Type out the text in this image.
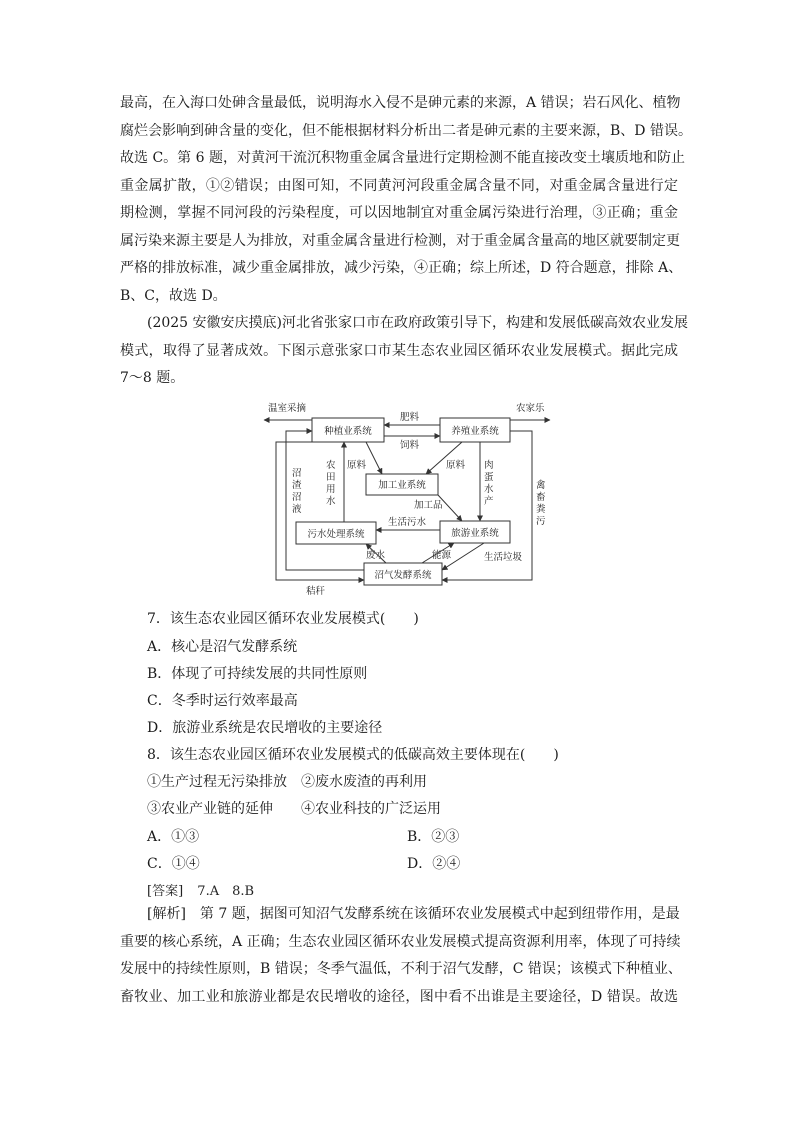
最高，在入海口处砷含量最低，说明海水入侵不是砷元素的来源，A 错误；岩石风化、植物
腐烂会影响到砷含量的变化，但不能根据材料分析出二者是砷元素的主要来源，B、D 错误。
故选 C。第 6 题，对黄河干流沉积物重金属含量进行定期检测不能直接改变土壤质地和防止
重金属扩散，①②错误；由图可知，不同黄河河段重金属含量不同，对重金属含量进行定
期检测，掌握不同河段的污染程度，可以因地制宜对重金属污染进行治理，③正确；重金
属污染来源主要是人为排放，对重金属含量进行检测，对于重金属含量高的地区就要制定更
严格的排放标准，减少重金属排放，减少污染，④正确；综上所述，D 符合题意，排除 A、
B、C，故选 D。
(2025 安徽安庆摸底)河北省张家口市在政府政策引导下，构建和发展低碳高效农业发展
模式，取得了显著成效。下图示意张家口市某生态农业园区循环农业发展模式。据此完成
7～8 题。
种植业系统	养殖业系统
加工业系统
污水处理系统	旅游业系统
沼气发酵系统
温室采摘	农家乐
肥料
饲料
原料	原料
加工品
肉
蛋
水
产
农
田
用
水
沼
渣
沼
液
秸秆
禽
畜
粪
污
生活污水
废水	能源	生活垃圾
7．该生态农业园区循环农业发展模式(　　)
A．核心是沼气发酵系统
B．体现了可持续发展的共同性原则
C．冬季时运行效率最高
D．旅游业系统是农民增收的主要途径
8．该生态农业园区循环农业发展模式的低碳高效主要体现在(　　)
①生产过程无污染排放　②废水废渣的再利用
③农业产业链的延伸　　④农业科技的广泛运用
A．①③	B．②③
C．①④	D．②④
[答案] 7.A　8.B
[解析]　第 7 题，据图可知沼气发酵系统在该循环农业发展模式中起到纽带作用，是最
重要的核心系统，A 正确；生态农业园区循环农业发展模式提高资源利用率，体现了可持续
发展中的持续性原则，B 错误；冬季气温低，不利于沼气发酵，C 错误；该模式下种植业、
畜牧业、加工业和旅游业都是农民增收的途径，图中看不出谁是主要途径，D 错误。故选
